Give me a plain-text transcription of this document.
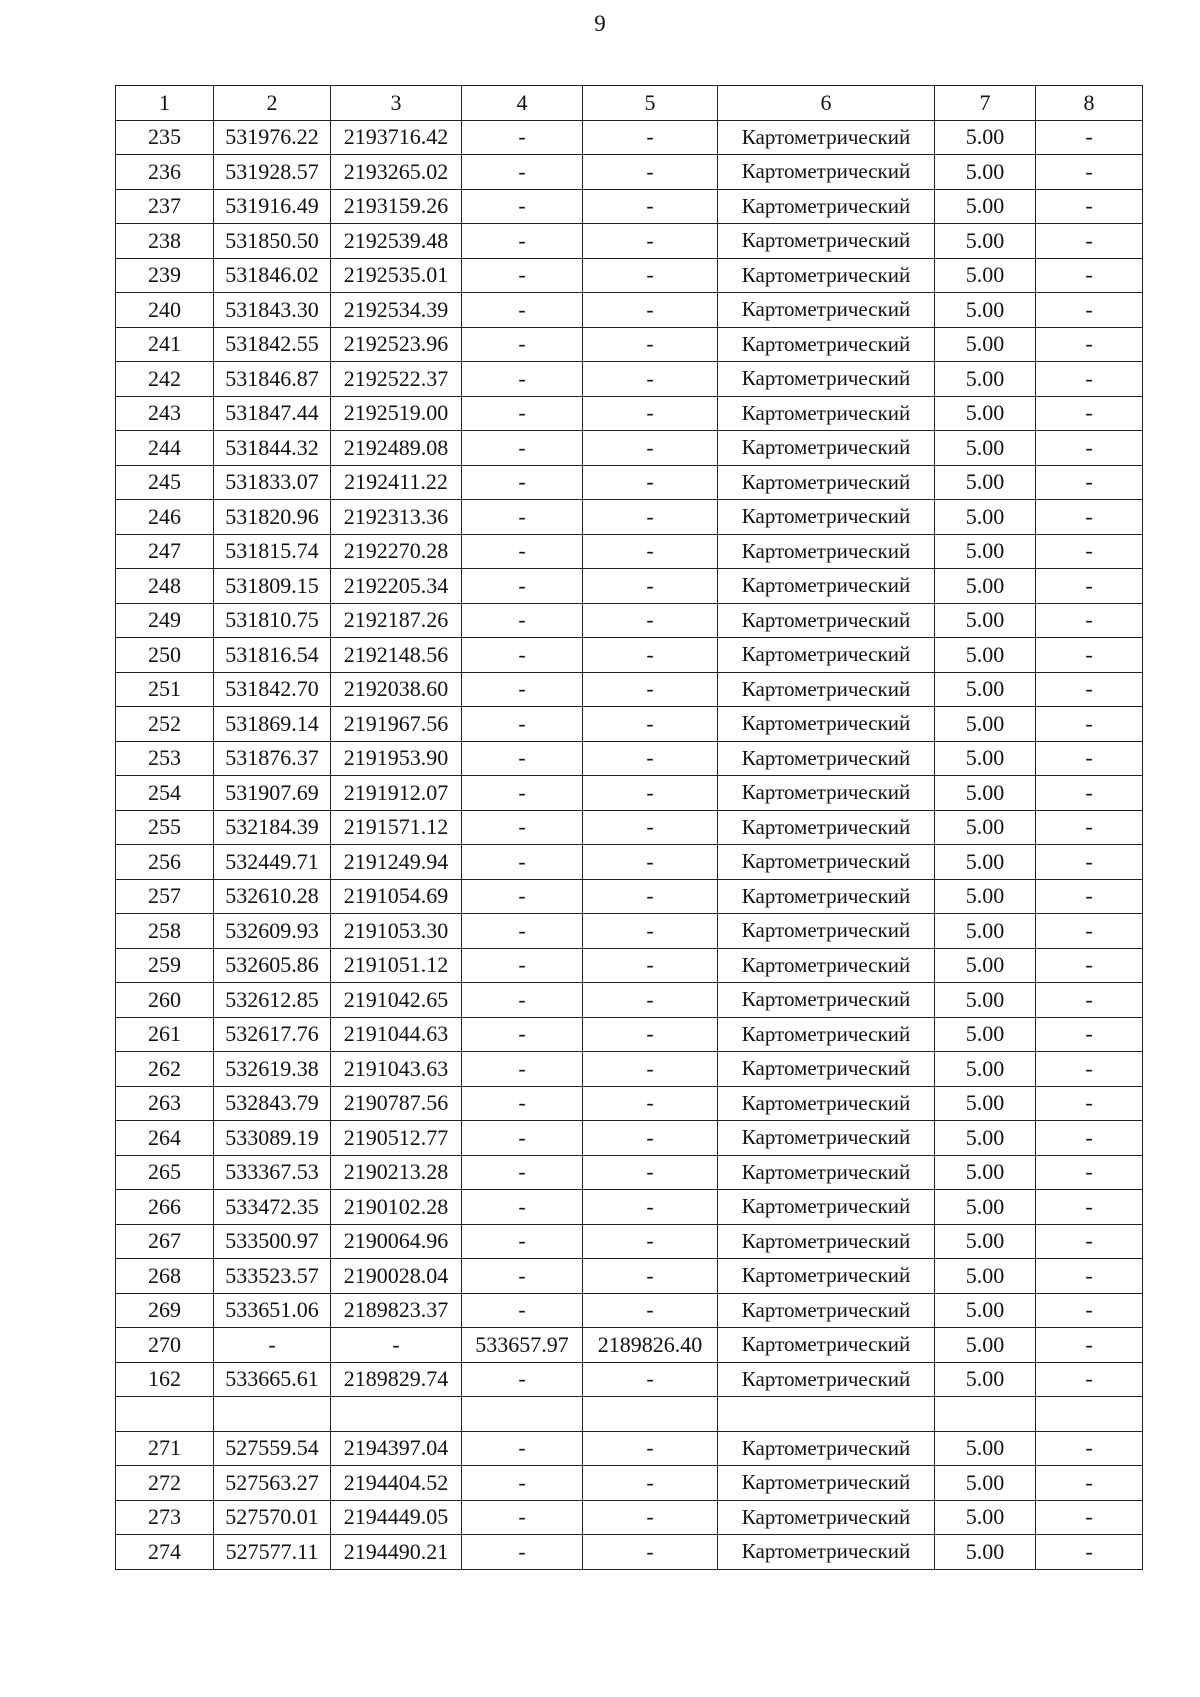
9
1	2	3	4	5	6	7	8
235	531976.22	2193716.42	-	-	Картометрический	5.00	-
236	531928.57	2193265.02	-	-	Картометрический	5.00	-
237	531916.49	2193159.26	-	-	Картометрический	5.00	-
238	531850.50	2192539.48	-	-	Картометрический	5.00	-
239	531846.02	2192535.01	-	-	Картометрический	5.00	-
240	531843.30	2192534.39	-	-	Картометрический	5.00	-
241	531842.55	2192523.96	-	-	Картометрический	5.00	-
242	531846.87	2192522.37	-	-	Картометрический	5.00	-
243	531847.44	2192519.00	-	-	Картометрический	5.00	-
244	531844.32	2192489.08	-	-	Картометрический	5.00	-
245	531833.07	2192411.22	-	-	Картометрический	5.00	-
246	531820.96	2192313.36	-	-	Картометрический	5.00	-
247	531815.74	2192270.28	-	-	Картометрический	5.00	-
248	531809.15	2192205.34	-	-	Картометрический	5.00	-
249	531810.75	2192187.26	-	-	Картометрический	5.00	-
250	531816.54	2192148.56	-	-	Картометрический	5.00	-
251	531842.70	2192038.60	-	-	Картометрический	5.00	-
252	531869.14	2191967.56	-	-	Картометрический	5.00	-
253	531876.37	2191953.90	-	-	Картометрический	5.00	-
254	531907.69	2191912.07	-	-	Картометрический	5.00	-
255	532184.39	2191571.12	-	-	Картометрический	5.00	-
256	532449.71	2191249.94	-	-	Картометрический	5.00	-
257	532610.28	2191054.69	-	-	Картометрический	5.00	-
258	532609.93	2191053.30	-	-	Картометрический	5.00	-
259	532605.86	2191051.12	-	-	Картометрический	5.00	-
260	532612.85	2191042.65	-	-	Картометрический	5.00	-
261	532617.76	2191044.63	-	-	Картометрический	5.00	-
262	532619.38	2191043.63	-	-	Картометрический	5.00	-
263	532843.79	2190787.56	-	-	Картометрический	5.00	-
264	533089.19	2190512.77	-	-	Картометрический	5.00	-
265	533367.53	2190213.28	-	-	Картометрический	5.00	-
266	533472.35	2190102.28	-	-	Картометрический	5.00	-
267	533500.97	2190064.96	-	-	Картометрический	5.00	-
268	533523.57	2190028.04	-	-	Картометрический	5.00	-
269	533651.06	2189823.37	-	-	Картометрический	5.00	-
270	-	-	533657.97	2189826.40	Картометрический	5.00	-
162	533665.61	2189829.74	-	-	Картометрический	5.00	-

271	527559.54	2194397.04	-	-	Картометрический	5.00	-
272	527563.27	2194404.52	-	-	Картометрический	5.00	-
273	527570.01	2194449.05	-	-	Картометрический	5.00	-
274	527577.11	2194490.21	-	-	Картометрический	5.00	-
